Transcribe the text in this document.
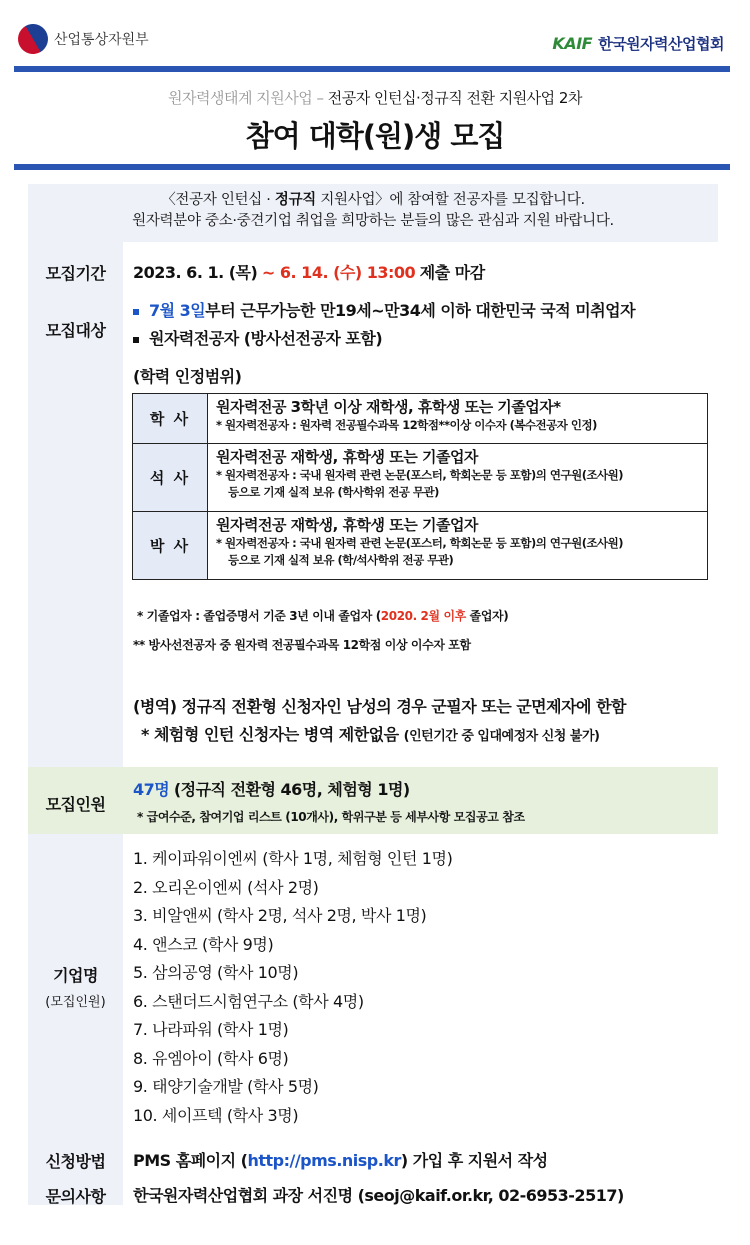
산업통상자원부	KAIF 한국원자력산업협회
원자력생태계 지원사업 – 전공자 인턴십·정규직 전환 지원사업 2차
참여 대학(원)생 모집
〈전공자 인턴십 · 정규직 지원사업〉에 참여할 전공자를 모집합니다.
원자력분야 중소·중견기업 취업을 희망하는 분들의 많은 관심과 지원 바랍니다.
모집기간	2023. 6. 1. (목) ~ 6. 14. (수) 13:00 제출 마감
모집대상
7월 3일부터 근무가능한 만19세~만34세 이하 대한민국 국적 미취업자
원자력전공자 (방사선전공자 포함)
(학력 인정범위)
학 사	원자력전공 3학년 이상 재학생, 휴학생 또는 기졸업자*
* 원자력전공자 : 원자력 전공필수과목 12학점**이상 이수자 (복수전공자 인정)

석 사	원자력전공 재학생, 휴학생 또는 기졸업자
* 원자력전공자 : 국내 원자력 관련 논문(포스터, 학회논문 등 포함)의 연구원(조사원)
등으로 기재 실적 보유 (학사학위 전공 무관)

박 사	원자력전공 재학생, 휴학생 또는 기졸업자
* 원자력전공자 : 국내 원자력 관련 논문(포스터, 학회논문 등 포함)의 연구원(조사원)
등으로 기재 실적 보유 (학/석사학위 전공 무관)
* 기졸업자 : 졸업증명서 기준 3년 이내 졸업자 (2020. 2월 이후 졸업자)
** 방사선전공자 중 원자력 전공필수과목 12학점 이상 이수자 포함
(병역) 정규직 전환형 신청자인 남성의 경우 군필자 또는 군면제자에 한함
* 체험형 인턴 신청자는 병역 제한없음 (인턴기간 중 입대예정자 신청 불가)
모집인원
47명 (정규직 전환형 46명, 체험형 1명)
* 급여수준, 참여기업 리스트 (10개사), 학위구분 등 세부사항 모집공고 참조
기업명
(모집인원)
1. 케이파워이엔씨 (학사 1명, 체험형 인턴 1명)
2. 오리온이엔씨 (석사 2명)
3. 비알앤씨 (학사 2명, 석사 2명, 박사 1명)
4. 앤스코 (학사 9명)
5. 삼의공영 (학사 10명)
6. 스탠더드시험연구소 (학사 4명)
7. 나라파워 (학사 1명)
8. 유엠아이 (학사 6명)
9. 태양기술개발 (학사 5명)
10. 세이프텍 (학사 3명)
신청방법	PMS 홈페이지 (http://pms.nisp.kr) 가입 후 지원서 작성
문의사항	한국원자력산업협회 과장 서진명 (seoj@kaif.or.kr, 02-6953-2517)
